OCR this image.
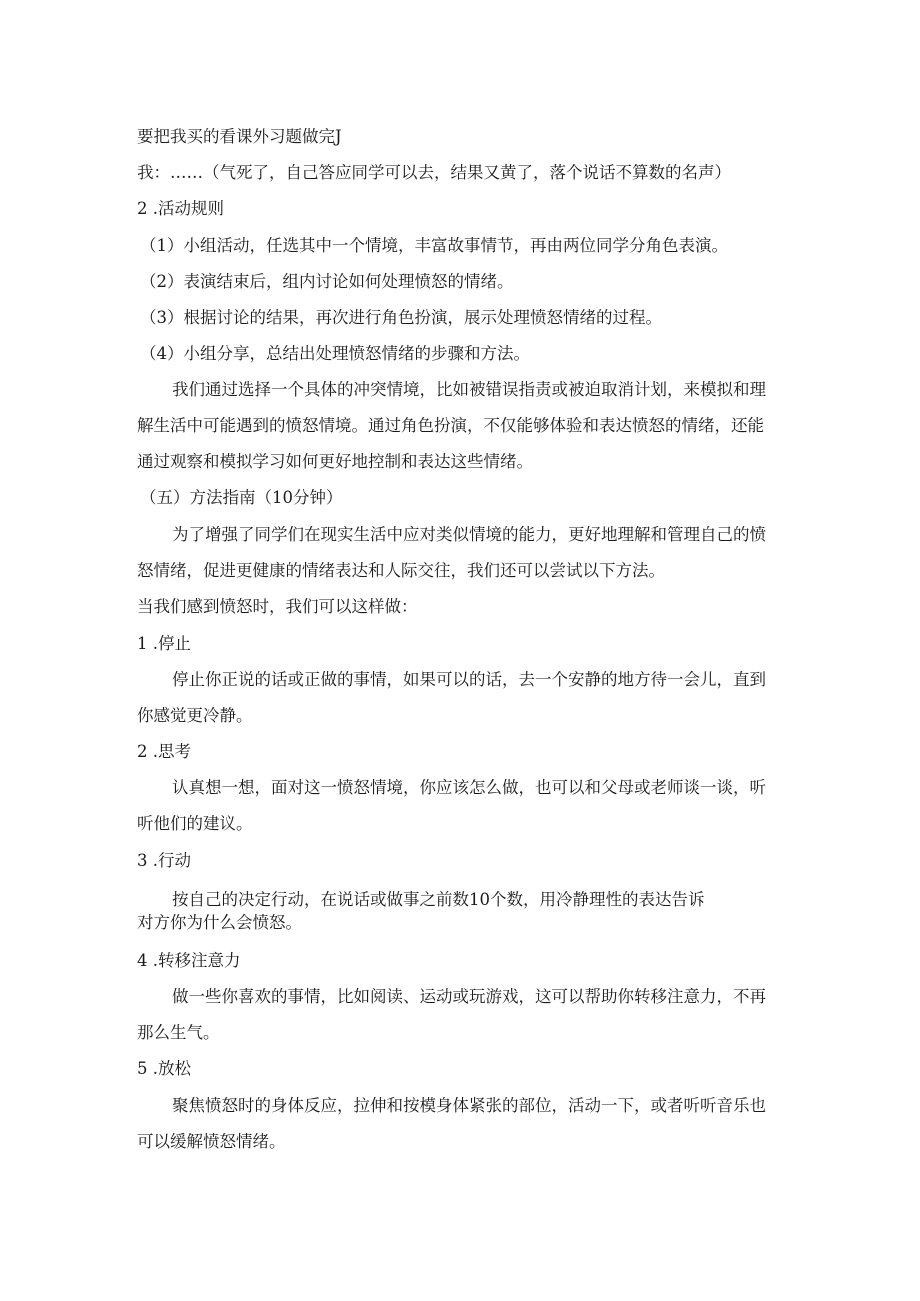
要把我买的看课外习题做完J

我：……（气死了，自己答应同学可以去，结果又黄了，落个说话不算数的名声）

2 .活动规则

（1）小组活动，任选其中一个情境，丰富故事情节，再由两位同学分角色表演。

（2）表演结束后，组内讨论如何处理愤怒的情绪。

（3）根据讨论的结果，再次进行角色扮演，展示处理愤怒情绪的过程。

（4）小组分享，总结出处理愤怒情绪的步骤和方法。

我们通过选择一个具体的冲突情境，比如被错误指责或被迫取消计划，来模拟和理

解生活中可能遇到的愤怒情境。通过角色扮演，不仅能够体验和表达愤怒的情绪，还能

通过观察和模拟学习如何更好地控制和表达这些情绪。

（五）方法指南（10分钟）

为了增强了同学们在现实生活中应对类似情境的能力，更好地理解和管理自己的愤

怒情绪，促进更健康的情绪表达和人际交往，我们还可以尝试以下方法。

当我们感到愤怒时，我们可以这样做：

1 .停止

停止你正说的话或正做的事情，如果可以的话，去一个安静的地方待一会儿，直到

你感觉更冷静。

2 .思考

认真想一想，面对这一愤怒情境，你应该怎么做，也可以和父母或老师谈一谈，听

听他们的建议。

3 .行动

按自己的决定行动，在说话或做事之前数10个数，用冷静理性的表达告诉

对方你为什么会愤怒。

4 .转移注意力

做一些你喜欢的事情，比如阅读、运动或玩游戏，这可以帮助你转移注意力，不再

那么生气。

5 .放松

聚焦愤怒时的身体反应，拉伸和按模身体紧张的部位，活动一下，或者听听音乐也

可以缓解愤怒情绪。
